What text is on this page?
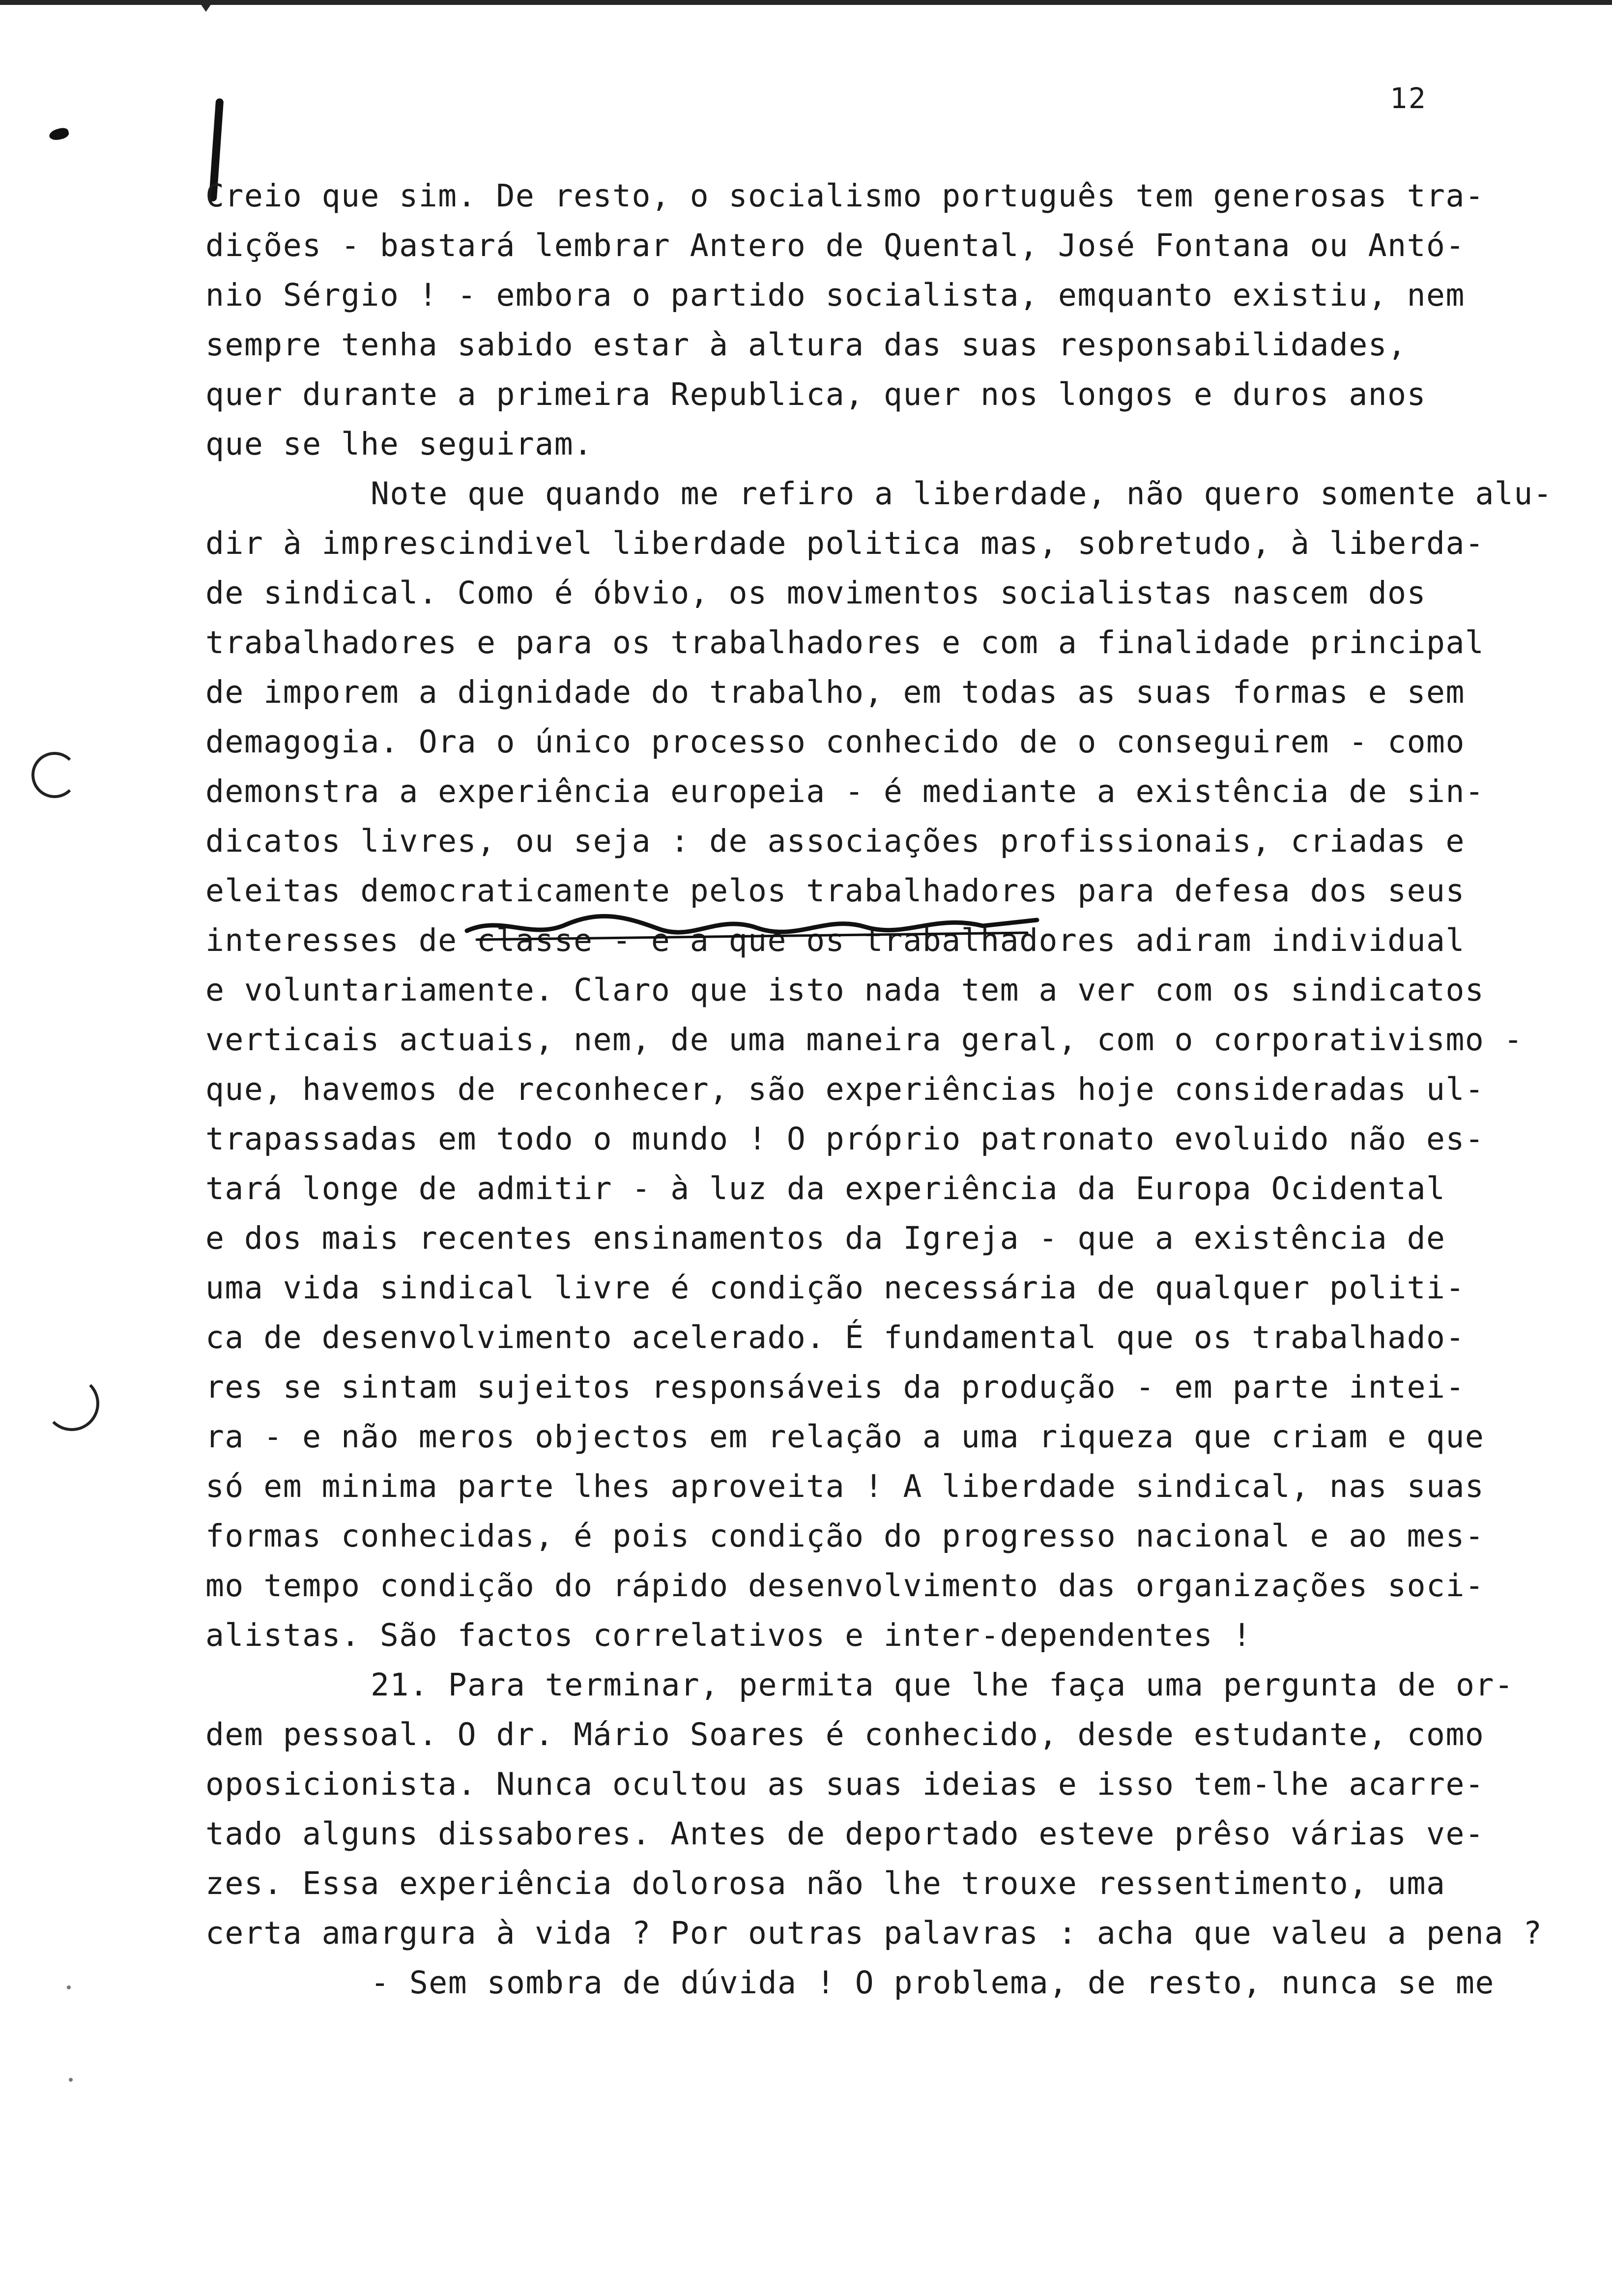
12
Creio que sim. De resto, o socialismo português tem generosas tra-
dições - bastará lembrar Antero de Quental, José Fontana ou Antó-
nio Sérgio ! - embora o partido socialista, emquanto existiu, nem
sempre tenha sabido estar à altura das suas responsabilidades,
quer durante a primeira Republica, quer nos longos e duros anos
que se lhe seguiram.
Note que quando me refiro a liberdade, não quero somente alu-
dir à imprescindivel liberdade politica mas, sobretudo, à liberda-
de sindical. Como é óbvio, os movimentos socialistas nascem dos
trabalhadores e para os trabalhadores e com a finalidade principal
de imporem a dignidade do trabalho, em todas as suas formas e sem
demagogia. Ora o único processo conhecido de o conseguirem - como
demonstra a experiência europeia - é mediante a existência de sin-
dicatos livres, ou seja : de associações profissionais, criadas e
eleitas democraticamente pelos trabalhadores para defesa dos seus
interesses de classe - e a que os trabalhadores adiram individual
e voluntariamente. Claro que isto nada tem a ver com os sindicatos
verticais actuais, nem, de uma maneira geral, com o corporativismo -
que, havemos de reconhecer, são experiências hoje consideradas ul-
trapassadas em todo o mundo ! O próprio patronato evoluido não es-
tará longe de admitir - à luz da experiência da Europa Ocidental
e dos mais recentes ensinamentos da Igreja - que a existência de
uma vida sindical livre é condição necessária de qualquer politi-
ca de desenvolvimento acelerado. É fundamental que os trabalhado-
res se sintam sujeitos responsáveis da produção - em parte intei-
ra - e não meros objectos em relação a uma riqueza que criam e que
só em minima parte lhes aproveita ! A liberdade sindical, nas suas
formas conhecidas, é pois condição do progresso nacional e ao mes-
mo tempo condição do rápido desenvolvimento das organizações soci-
alistas. São factos correlativos e inter-dependentes !
21. Para terminar, permita que lhe faça uma pergunta de or-
dem pessoal. O dr. Mário Soares é conhecido, desde estudante, como
oposicionista. Nunca ocultou as suas ideias e isso tem-lhe acarre-
tado alguns dissabores. Antes de deportado esteve prêso várias ve-
zes. Essa experiência dolorosa não lhe trouxe ressentimento, uma
certa amargura à vida ? Por outras palavras : acha que valeu a pena ?
- Sem sombra de dúvida ! O problema, de resto, nunca se me
